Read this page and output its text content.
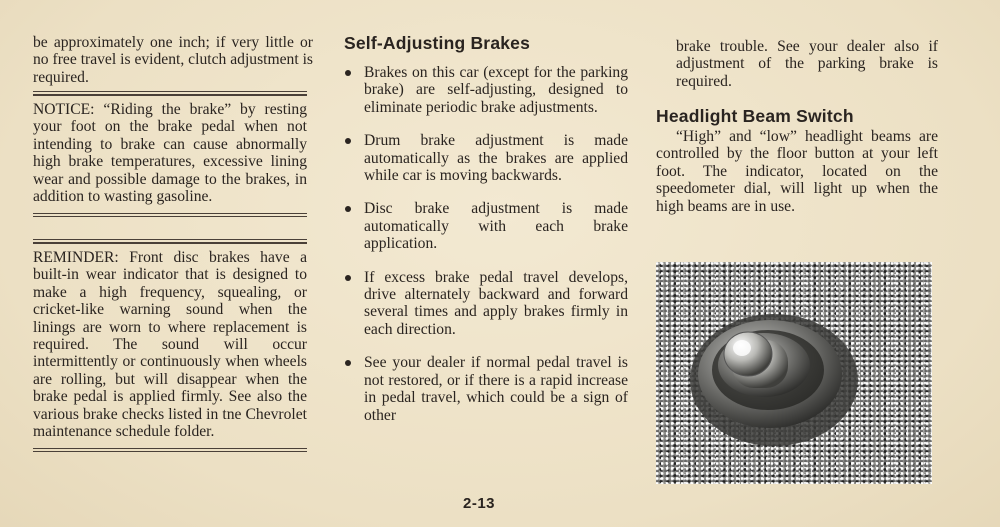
be approximately one inch; if very little or no free travel is evident, clutch adjustment is required.

NOTICE: “Riding the brake” by resting your foot on the brake pedal when not intending to brake can cause abnormally high brake temperatures, excessive lining wear and possible damage to the brakes, in addition to wasting gasoline.

REMINDER: Front disc brakes have a built-in wear indicator that is designed to make a high frequency, squealing, or cricket-like warning sound when the linings are worn to where replacement is required. The sound will occur intermittently or continuously when wheels are rolling, but will disappear when the brake pedal is applied firmly. See also the various brake checks listed in tne Chevrolet maintenance schedule folder.

Self-Adjusting Brakes
Brakes on this car (except for the parking brake) are self-adjusting, designed to eliminate periodic brake adjustments.
Drum brake adjustment is made automatically as the brakes are applied while car is moving backwards.
Disc brake adjustment is made automatically with each brake application.
If excess brake pedal travel develops, drive alternately backward and forward several times and apply brakes firmly in each direction.
See your dealer if normal pedal travel is not restored, or if there is a rapid increase in pedal travel, which could be a sign of other

brake trouble. See your dealer also if adjustment of the parking brake is required.

Headlight Beam Switch

“High” and “low” headlight beams are controlled by the floor button at your left foot. The indicator, located on the speedometer dial, will light up when the high beams are in use.

2-13
